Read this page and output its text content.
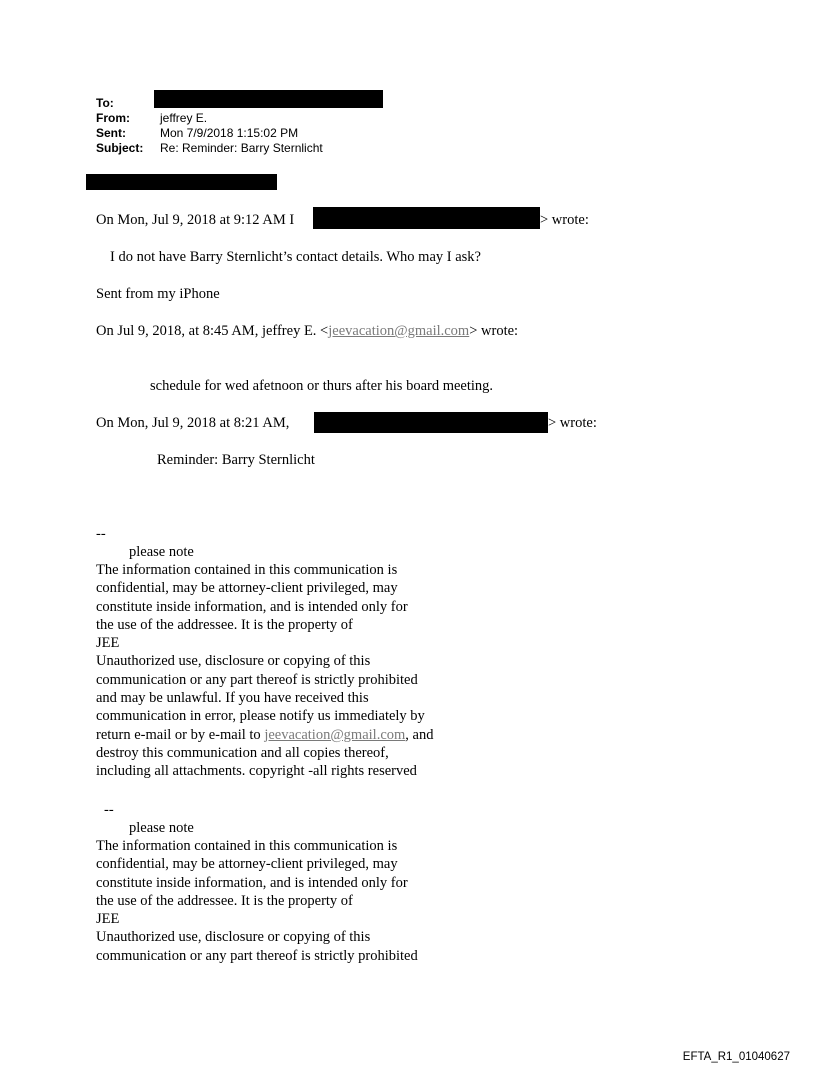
To:
From:	jeffrey E.
Sent:	Mon 7/9/2018 1:15:02 PM
Subject: Re: Reminder: Barry Sternlicht
On Mon, Jul 9, 2018 at 9:12 AM I	> wrote:
I do not have Barry Sternlicht’s contact details. Who may I ask?
Sent from my iPhone
On Jul 9, 2018, at 8:45 AM, jeffrey E. <jeevacation@gmail.com> wrote:
schedule for wed afetnoon or thurs after his board meeting.
On Mon, Jul 9, 2018 at 8:21 AM,	> wrote:
Reminder: Barry Sternlicht
--
please note
The information contained in this communication is
confidential, may be attorney-client privileged, may
constitute inside information, and is intended only for
the use of the addressee. It is the property of
JEE
Unauthorized use, disclosure or copying of this
communication or any part thereof is strictly prohibited
and may be unlawful. If you have received this
communication in error, please notify us immediately by
return e-mail or by e-mail to jeevacation@gmail.com, and
destroy this communication and all copies thereof,
including all attachments. copyright -all rights reserved
--
please note
The information contained in this communication is
confidential, may be attorney-client privileged, may
constitute inside information, and is intended only for
the use of the addressee. It is the property of
JEE
Unauthorized use, disclosure or copying of this
communication or any part thereof is strictly prohibited
EFTA_R1_01040627
